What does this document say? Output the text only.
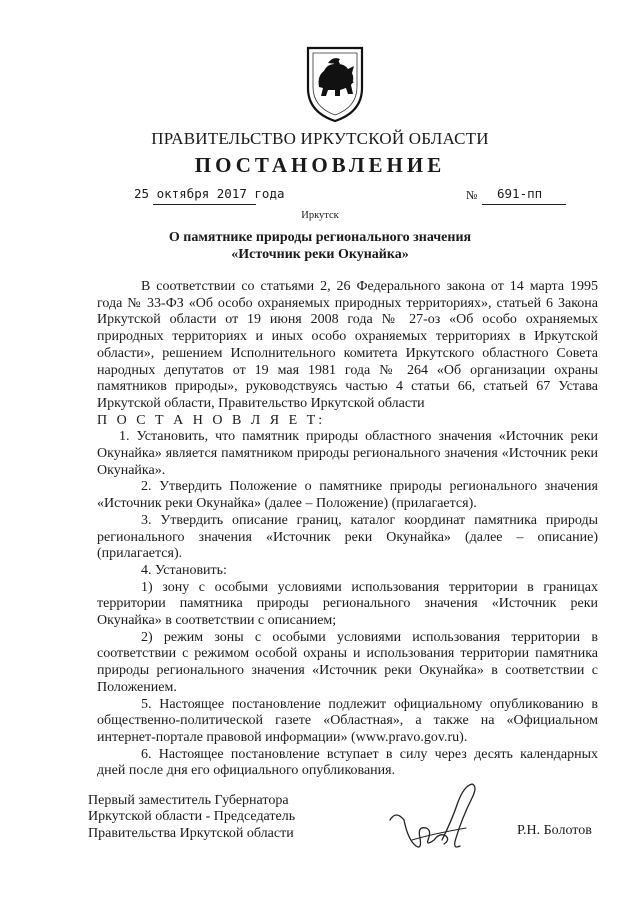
ПРАВИТЕЛЬСТВО ИРКУТСКОЙ ОБЛАСТИ
ПОСТАНОВЛЕНИЕ
25 октября 2017 года	№ 691-пп
Иркутск
О памятнике природы регионального значения
«Источник реки Окунайка»

В соответствии со статьями 2, 26 Федерального закона от 14 марта 1995 года № 33-ФЗ «Об особо охраняемых природных территориях», статьей 6 Закона Иркутской области от 19 июня 2008 года № 27-оз «Об особо охраняемых природных территориях и иных особо охраняемых территориях в Иркутской области», решением Исполнительного комитета Иркутского областного Совета народных депутатов от 19 мая 1981 года № 264 «Об организации охраны памятников природы», руководствуясь частью 4 статьи 66, статьей 67 Устава Иркутской области, Правительство Иркутской области

П О С Т А Н О В Л Я Е Т:

1. Установить, что памятник природы областного значения «Источник реки Окунайка» является памятником природы регионального значения «Источник реки Окунайка».

2. Утвердить Положение о памятнике природы регионального значения «Источник реки Окунайка» (далее – Положение) (прилагается).

3. Утвердить описание границ, каталог координат памятника природы регионального значения «Источник реки Окунайка» (далее – описание) (прилагается).

4. Установить:

1) зону с особыми условиями использования территории в границах территории памятника природы регионального значения «Источник реки Окунайка» в соответствии с описанием;

2) режим зоны с особыми условиями использования территории в соответствии с режимом особой охраны и использования территории памятника природы регионального значения «Источник реки Окунайка» в соответствии с Положением.

5. Настоящее постановление подлежит официальному опубликованию в общественно-политической газете «Областная», а также на «Официальном интернет-портале правовой информации» (www.pravo.gov.ru).

6. Настоящее постановление вступает в силу через десять календарных дней после дня его официального опубликования.

Первый заместитель Губернатора
Иркутской области - Председатель
Правительства Иркутской области	Р.Н. Болотов
